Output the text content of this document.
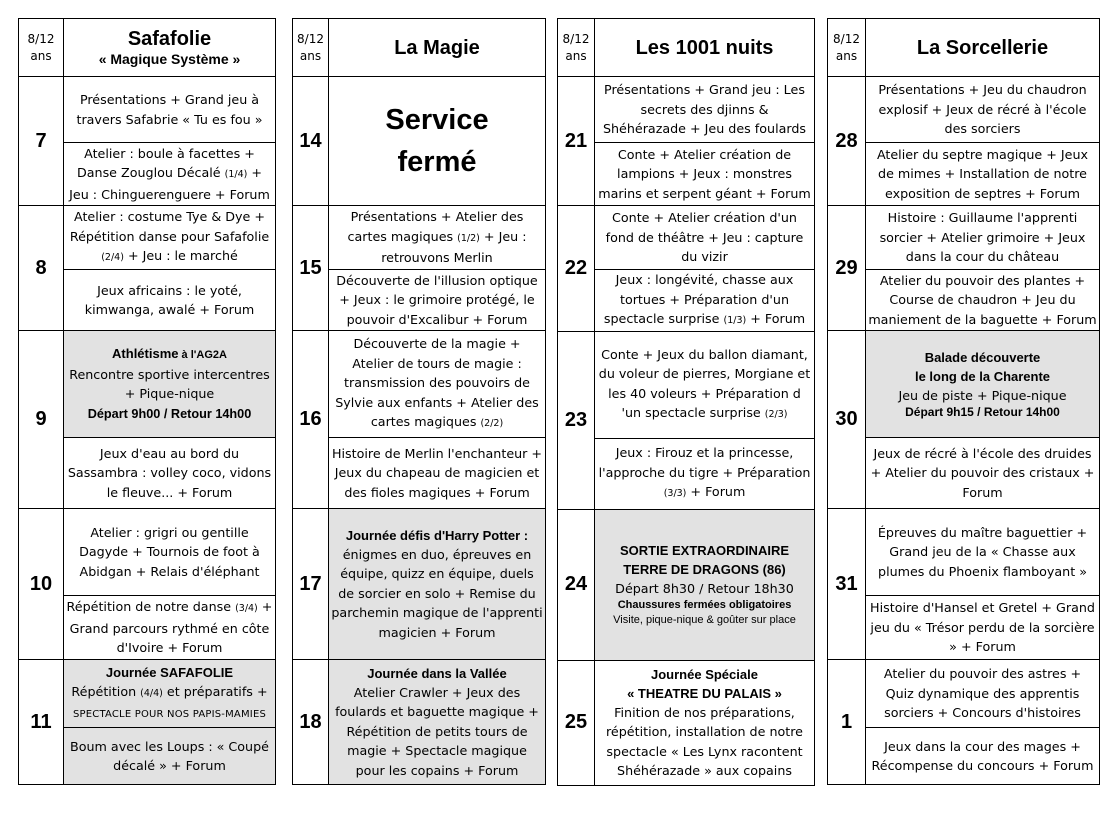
8/12 ans	Safafolie
« Magique Système »

7	Présentations + Grand jeu à travers Safabrie « Tu es fou »
	Atelier : boule à facettes + Danse Zouglou Décalé (1/4) + Jeu : Chinguerenguere + Forum
8	Atelier : costume Tye & Dye + Répétition danse pour Safafolie (2/4) + Jeu : le marché
	Jeux africains : le yoté, kimwanga, awalé + Forum
9	Athlétisme à l'AG2A
Rencontre sportive intercentres + Pique-nique
Départ 9h00 / Retour 14h00
	Jeux d'eau au bord du Sassambra : volley coco, vidons le fleuve... + Forum
10	Atelier : grigri ou gentille Dagyde + Tournois de foot à Abidgan + Relais d'éléphant
	Répétition de notre danse (3/4) + Grand parcours rythmé en côte d'Ivoire + Forum
11	Journée SAFAFOLIE
Répétition (4/4) et préparatifs +
SPECTACLE POUR NOS PAPIS-MAMIES
	Boum avec les Loups : « Coupé décalé » + Forum
8/12 ans	La Magie
14	Service fermé

15	Présentations + Atelier des cartes magiques (1/2) + Jeu : retrouvons Merlin
	Découverte de l'illusion optique + Jeux : le grimoire protégé, le pouvoir d'Excalibur + Forum
16	Découverte de la magie + Atelier de tours de magie : transmission des pouvoirs de Sylvie aux enfants + Atelier des cartes magiques (2/2)
	Histoire de Merlin l'enchanteur + Jeux du chapeau de magicien et des fioles magiques + Forum
17	Journée défis d'Harry Potter :
énigmes en duo, épreuves en équipe, quizz en équipe, duels de sorcier en solo + Remise du parchemin magique de l'apprenti magicien + Forum
18	Journée dans la Vallée
Atelier Crawler + Jeux des foulards et baguette magique + Répétition de petits tours de magie + Spectacle magique pour les copains + Forum
8/12 ans	Les 1001 nuits
21	Présentations + Grand jeu : Les secrets des djinns & Shéhérazade + Jeu des foulards
	Conte + Atelier création de lampions + Jeux : monstres marins et serpent géant + Forum
22	Conte + Atelier création d'un fond de théâtre + Jeu : capture du vizir
	Jeux : longévité, chasse aux tortues + Préparation d'un spectacle surprise (1/3) + Forum
23	Conte + Jeux du ballon diamant, du voleur de pierres, Morgiane et les 40 voleurs + Préparation d 'un spectacle surprise (2/3)
	Jeux : Firouz et la princesse, l'approche du tigre + Préparation (3/3) + Forum
24	SORTIE EXTRAORDINAIRE
TERRE DE DRAGONS (86)
Départ 8h30 / Retour 18h30

Chaussures fermées obligatoires
Visite, pique-nique & goûter sur place

25	Journée Spéciale
« THEATRE DU PALAIS »
Finition de nos préparations, répétition, installation de notre spectacle « Les Lynx racontent Shéhérazade » aux copains
8/12 ans	La Sorcellerie
28	Présentations + Jeu du chaudron explosif + Jeux de récré à l'école des sorciers
	Atelier du septre magique + Jeux de mimes + Installation de notre exposition de septres + Forum
29	Histoire : Guillaume l'apprenti sorcier + Atelier grimoire + Jeux dans la cour du château
	Atelier du pouvoir des plantes + Course de chaudron + Jeu du maniement de la baguette + Forum
30	Balade découverte
le long de la Charente
Jeu de piste + Pique-nique

Départ 9h15 / Retour 14h00

	Jeux de récré à l'école des druides + Atelier du pouvoir des cristaux + Forum
31	Épreuves du maître baguettier + Grand jeu de la « Chasse aux plumes du Phoenix flamboyant »
	Histoire d'Hansel et Gretel + Grand jeu du « Trésor perdu de la sorcière » + Forum
1	Atelier du pouvoir des astres + Quiz dynamique des apprentis sorciers + Concours d'histoires
	Jeux dans la cour des mages + Récompense du concours + Forum
